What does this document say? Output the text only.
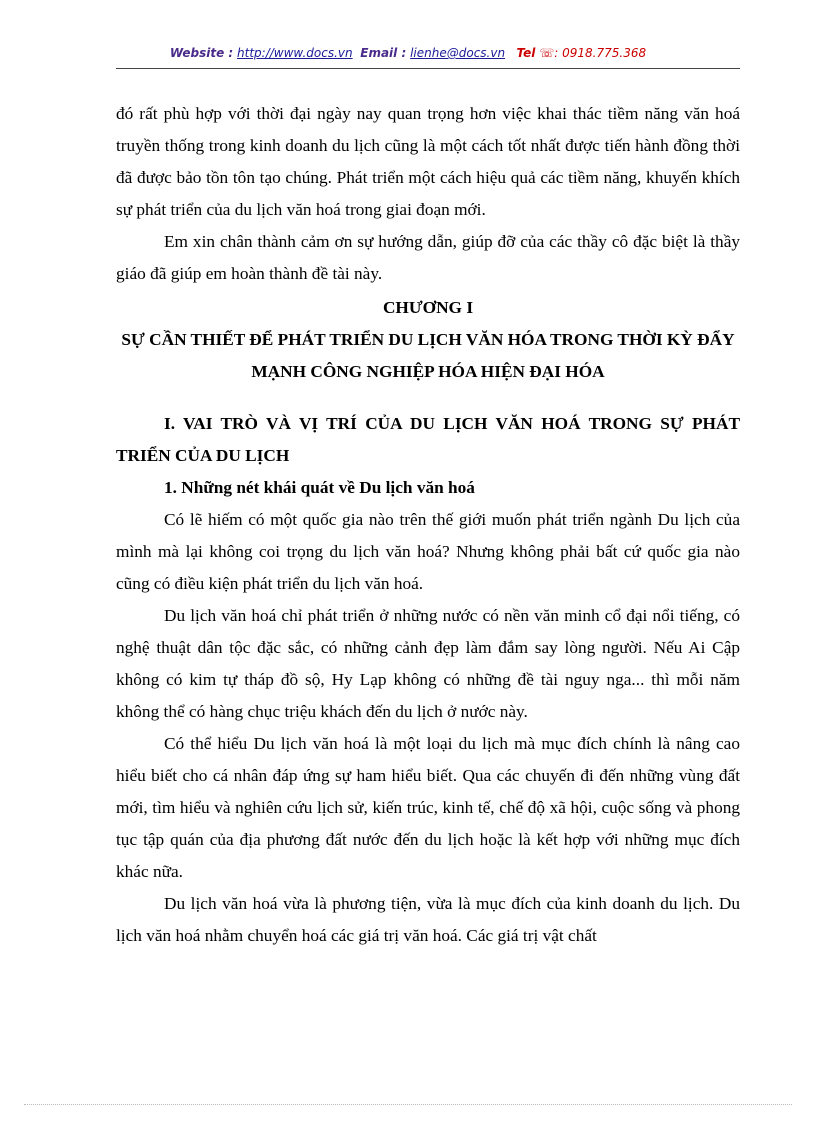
Website : http://www.docs.vn Email : lienhe@docs.vn Tel ☏: 0918.775.368

đó rất phù hợp với thời đại ngày nay quan trọng hơn việc khai thác tiềm năng văn hoá truyền thống trong kinh doanh du lịch cũng là một cách tốt nhất được tiến hành đồng thời đã được bảo tồn tôn tạo chúng. Phát triển một cách hiệu quả các tiềm năng, khuyến khích sự phát triển của du lịch văn hoá trong giai đoạn mới.

Em xin chân thành cảm ơn sự hướng dẫn, giúp đỡ của các thầy cô đặc biệt là thầy giáo đã giúp em hoàn thành đề tài này.

CHƯƠNG I

SỰ CẦN THIẾT ĐỂ PHÁT TRIỂN DU LỊCH VĂN HÓA TRONG THỜI KỲ ĐẨY MẠNH CÔNG NGHIỆP HÓA HIỆN ĐẠI HÓA

I. VAI TRÒ VÀ VỊ TRÍ CỦA DU LỊCH VĂN HOÁ TRONG SỰ PHÁT TRIỂN CỦA DU LỊCH

1. Những nét khái quát về Du lịch văn hoá

Có lẽ hiếm có một quốc gia nào trên thế giới muốn phát triển ngành Du lịch của mình mà lại không coi trọng du lịch văn hoá? Nhưng không phải bất cứ quốc gia nào cũng có điều kiện phát triển du lịch văn hoá.

Du lịch văn hoá chỉ phát triển ở những nước có nền văn minh cổ đại nổi tiếng, có nghệ thuật dân tộc đặc sắc, có những cảnh đẹp làm đắm say lòng người. Nếu Ai Cập không có kim tự tháp đồ sộ, Hy Lạp không có những đề tài nguy nga... thì mỗi năm không thể có hàng chục triệu khách đến du lịch ở nước này.

Có thể hiểu Du lịch văn hoá là một loại du lịch mà mục đích chính là nâng cao hiểu biết cho cá nhân đáp ứng sự ham hiểu biết. Qua các chuyến đi đến những vùng đất mới, tìm hiểu và nghiên cứu lịch sử, kiến trúc, kinh tế, chế độ xã hội, cuộc sống và phong tục tập quán của địa phương đất nước đến du lịch hoặc là kết hợp với những mục đích khác nữa.

Du lịch văn hoá vừa là phương tiện, vừa là mục đích của kinh doanh du lịch. Du lịch văn hoá nhằm chuyển hoá các giá trị văn hoá. Các giá trị vật chất
